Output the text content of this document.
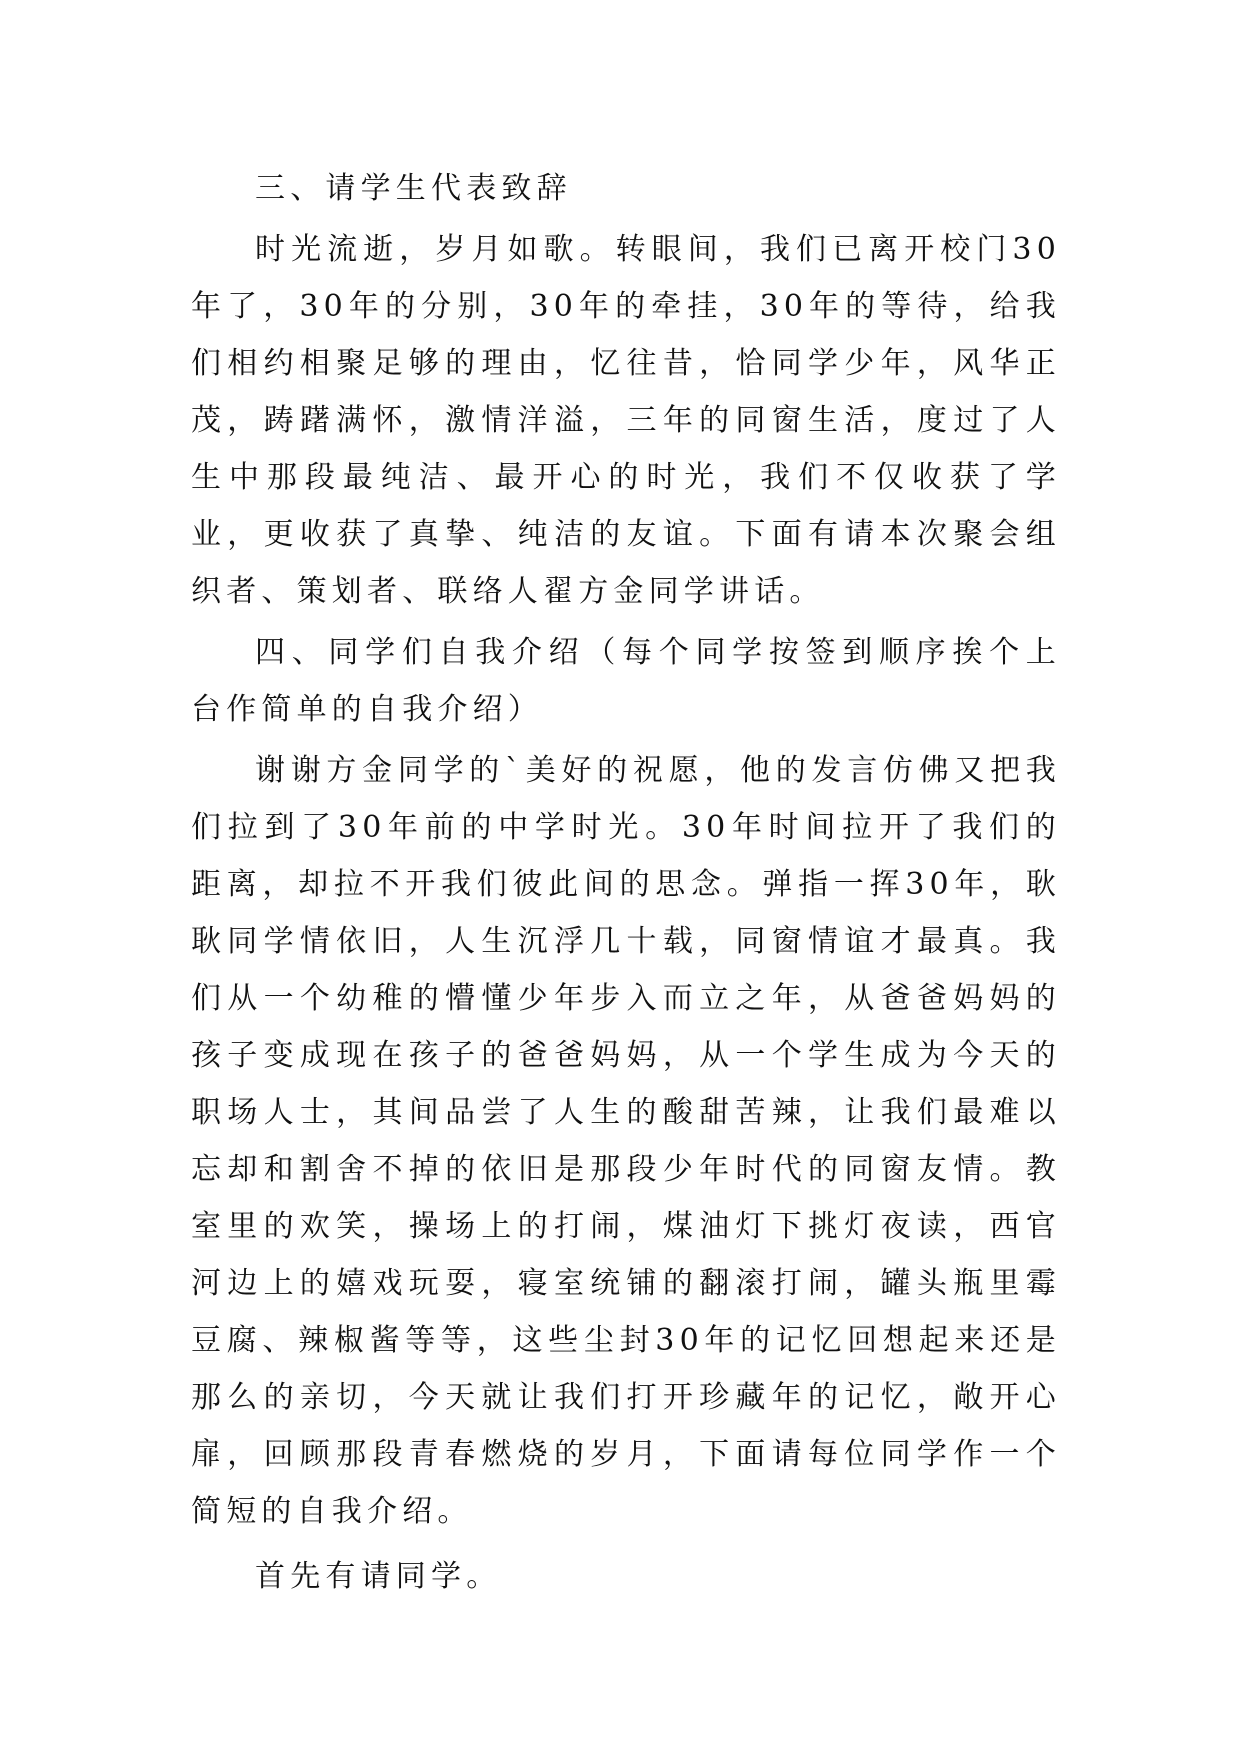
三、请学生代表致辞

时光流逝，岁月如歌。转眼间，我们已离开校门30年了，30年的分别，30年的牵挂，30年的等待，给我们相约相聚足够的理由，忆往昔，恰同学少年，风华正茂，踌躇满怀，激情洋溢，三年的同窗生活，度过了人生中那段最纯洁、最开心的时光，我们不仅收获了学业，更收获了真挚、纯洁的友谊。下面有请本次聚会组织者、策划者、联络人翟方金同学讲话。

四、同学们自我介绍（每个同学按签到顺序挨个上台作简单的自我介绍）

谢谢方金同学的`美好的祝愿，他的发言仿佛又把我们拉到了30年前的中学时光。30年时间拉开了我们的距离，却拉不开我们彼此间的思念。弹指一挥30年，耿耿同学情依旧，人生沉浮几十载，同窗情谊才最真。我们从一个幼稚的懵懂少年步入而立之年，从爸爸妈妈的孩子变成现在孩子的爸爸妈妈，从一个学生成为今天的职场人士，其间品尝了人生的酸甜苦辣，让我们最难以忘却和割舍不掉的依旧是那段少年时代的同窗友情。教室里的欢笑，操场上的打闹，煤油灯下挑灯夜读，西官河边上的嬉戏玩耍，寝室统铺的翻滚打闹，罐头瓶里霉豆腐、辣椒酱等等，这些尘封30年的记忆回想起来还是那么的亲切，今天就让我们打开珍藏年的记忆，敞开心扉，回顾那段青春燃烧的岁月，下面请每位同学作一个简短的自我介绍。

首先有请同学。
